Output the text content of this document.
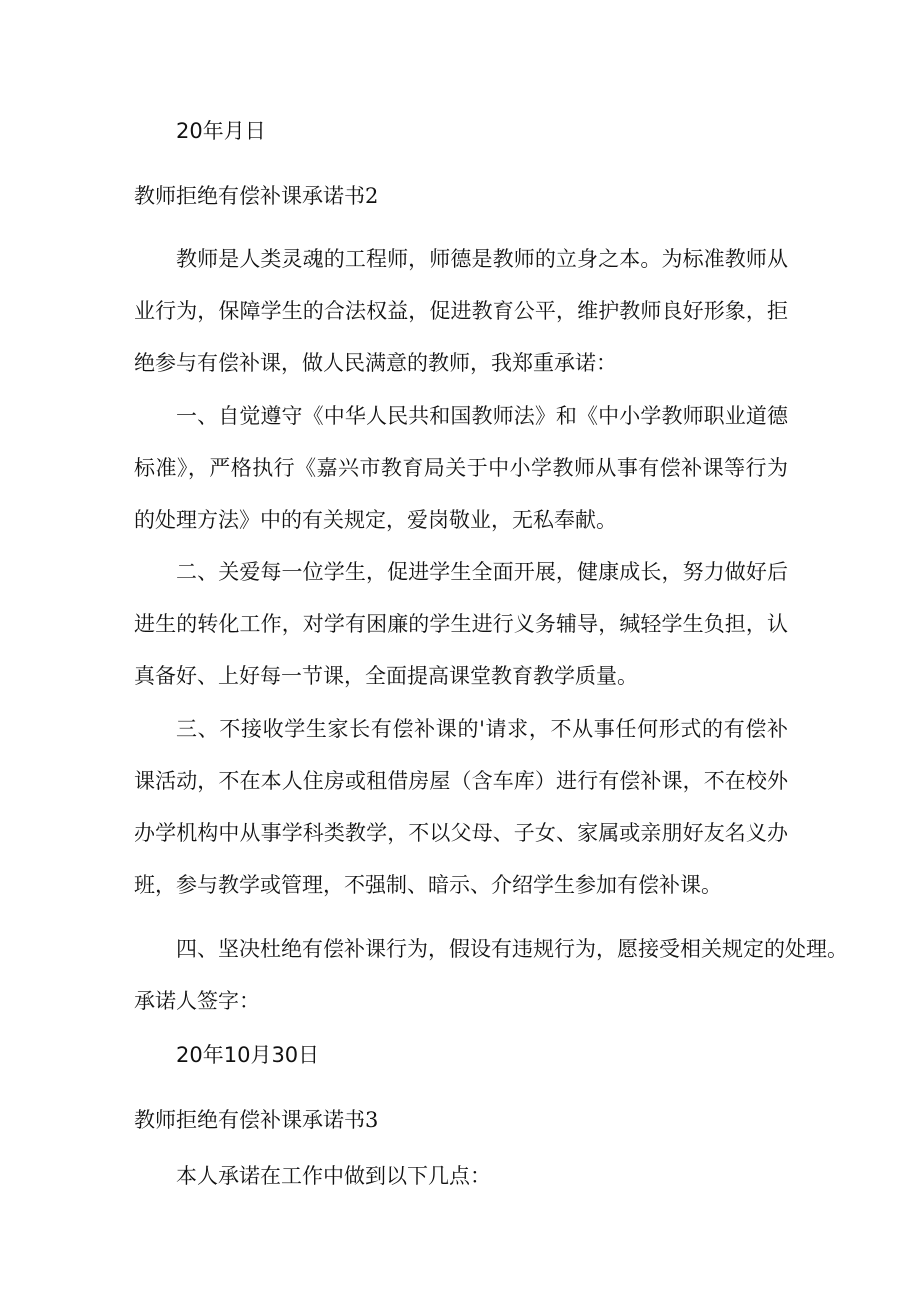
20年月日

教师拒绝有偿补课承诺书2

教师是人类灵魂的工程师，师德是教师的立身之本。为标准教师从业行为，保障学生的合法权益，促进教育公平，维护教师良好形象，拒绝参与有偿补课，做人民满意的教师，我郑重承诺：

一、自觉遵守《中华人民共和国教师法》和《中小学教师职业道德标准》，严格执行《嘉兴市教育局关于中小学教师从事有偿补课等行为的处理方法》中的有关规定，爱岗敬业，无私奉献。

二、关爱每一位学生，促进学生全面开展，健康成长，努力做好后进生的转化工作，对学有困廉的学生进行义务辅导，缄轻学生负担，认真备好、上好每一节课，全面提高课堂教育教学质量。

三、不接收学生家长有偿补课的'请求，不从事任何形式的有偿补课活动，不在本人住房或租借房屋（含车库）进行有偿补课，不在校外办学机构中从事学科类教学，不以父母、子女、家属或亲朋好友名义办班，参与教学或管理，不强制、暗示、介绍学生参加有偿补课。

四、坚决杜绝有偿补课行为，假设有违规行为，愿接受相关规定的处理。

承诺人签字：

20年10月30日

教师拒绝有偿补课承诺书3

本人承诺在工作中做到以下几点：
